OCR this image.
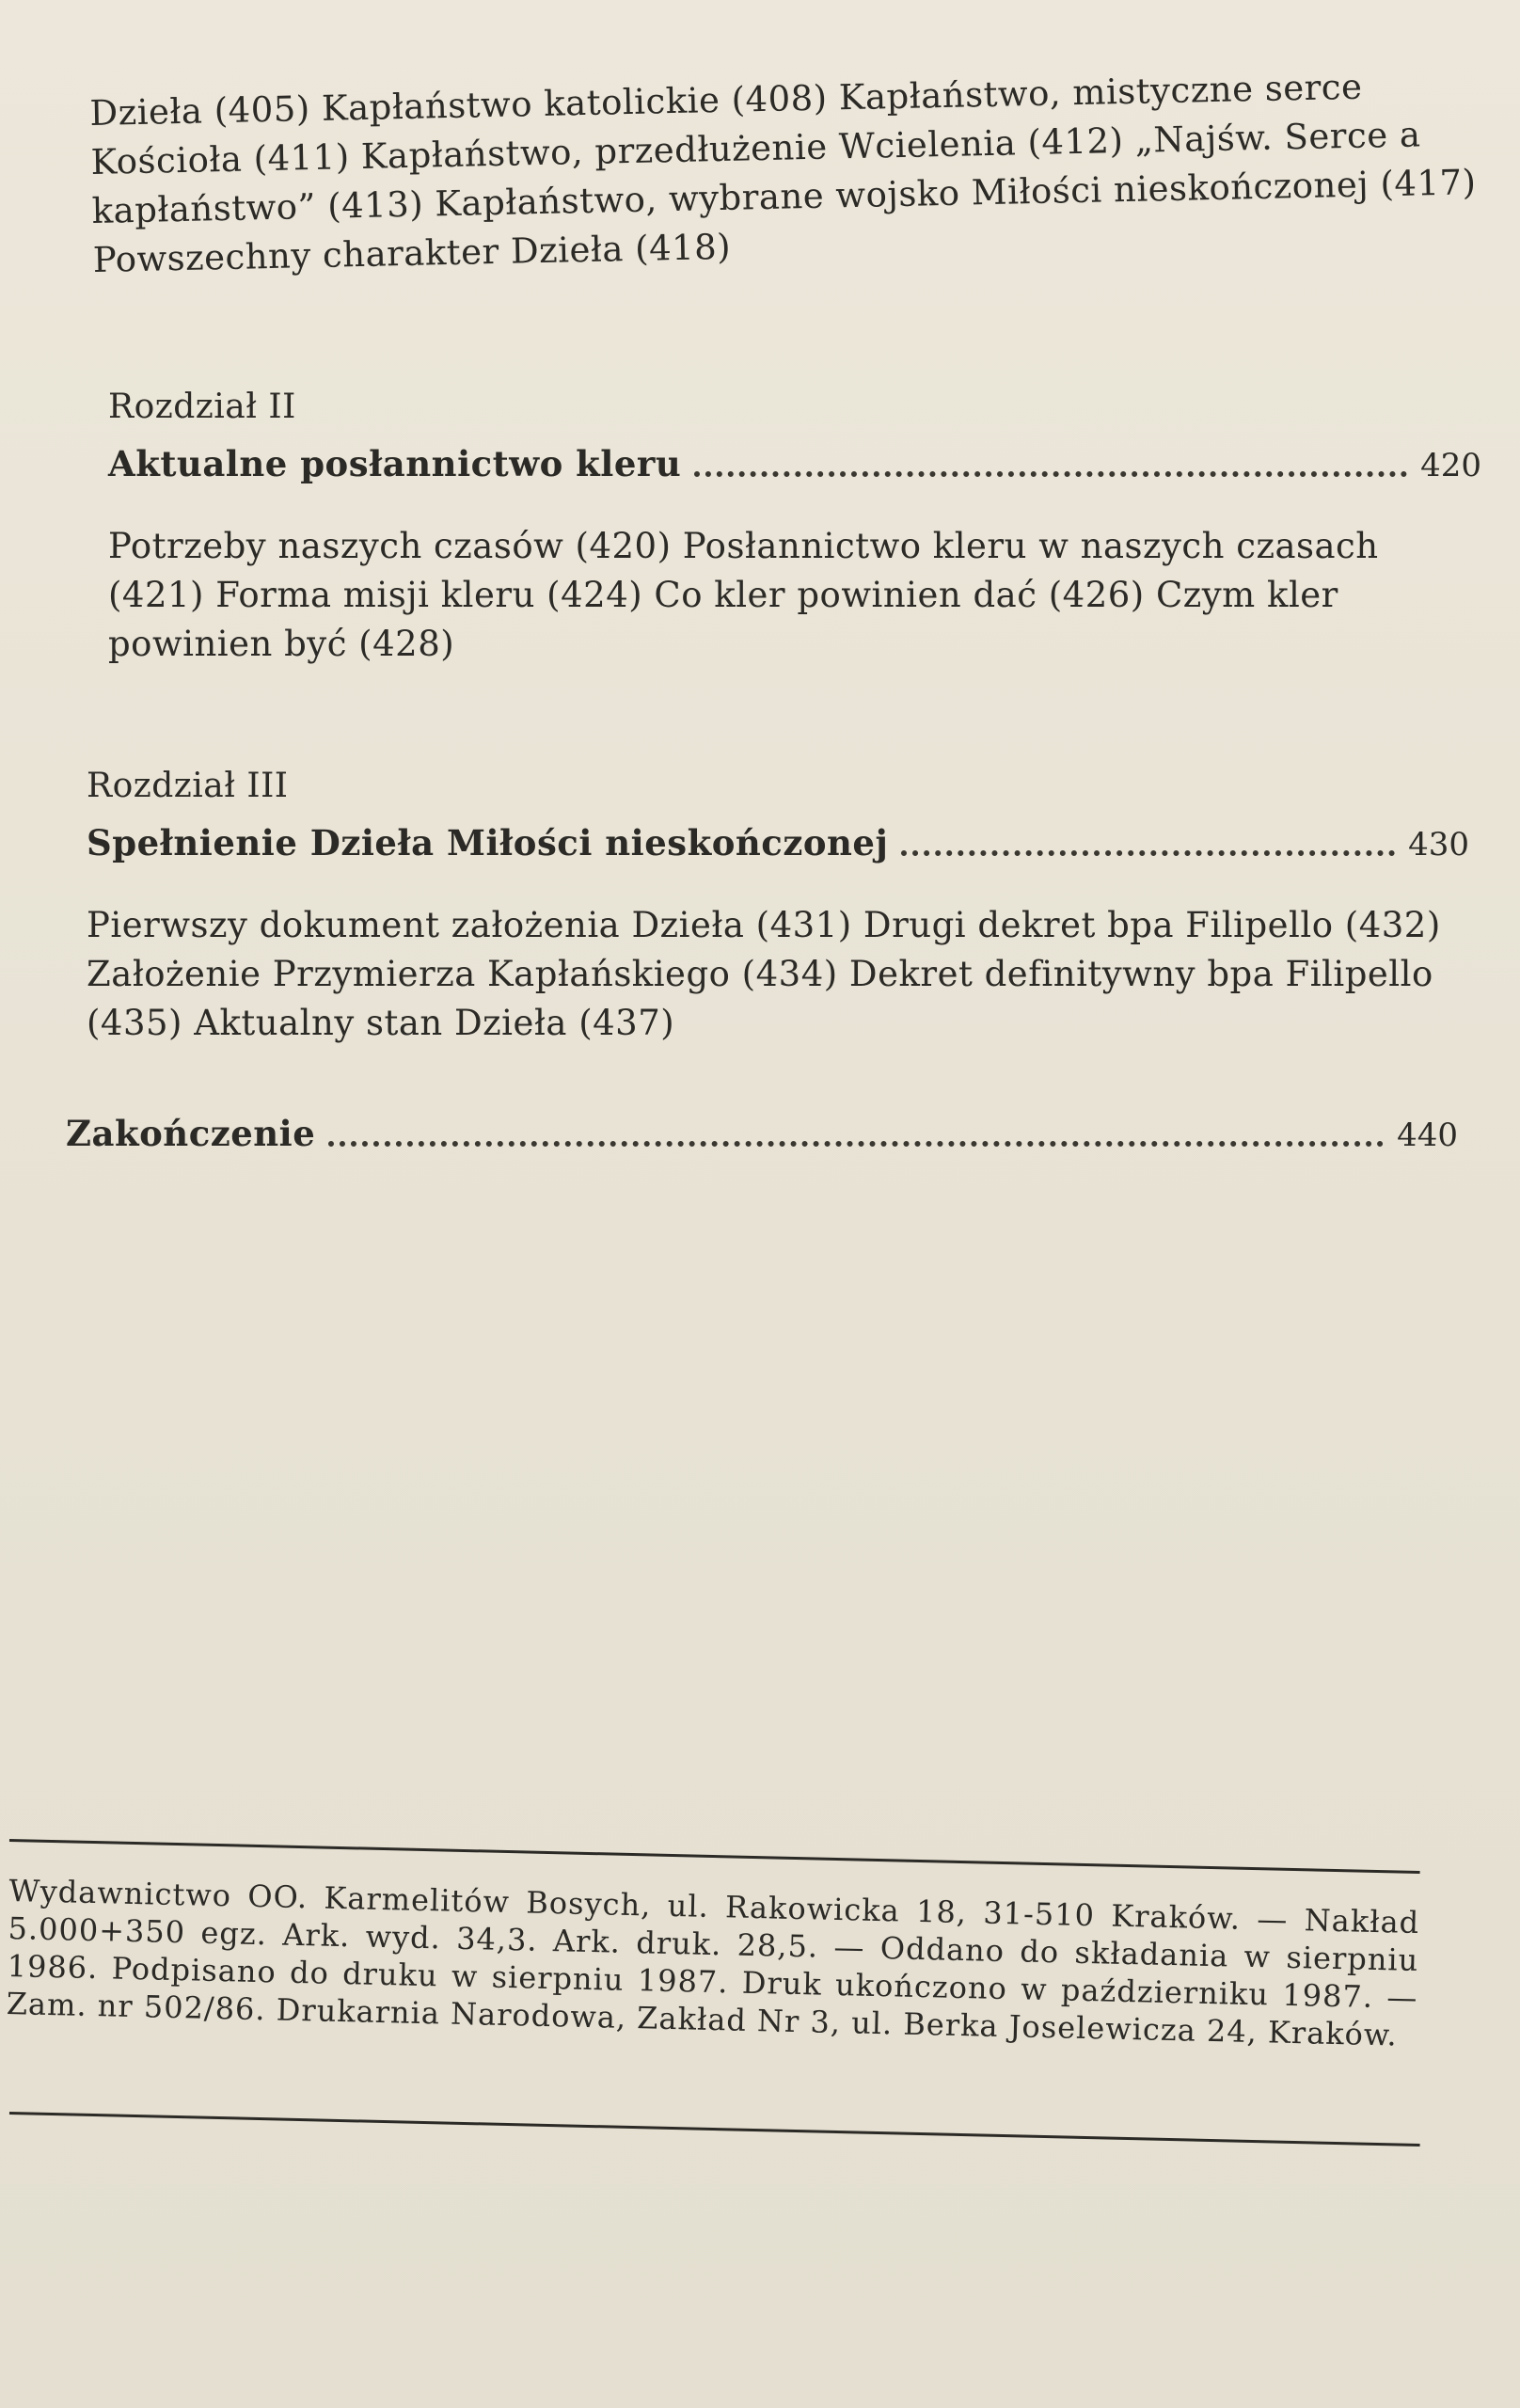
Dzieła (405) Kapłaństwo katolickie (408) Kapłaństwo, mistyczne serce Kościoła (411) Kapłaństwo, przedłużenie Wcielenia (412) „Najśw. Serce a kapłaństwo” (413) Kapłaństwo, wybrane wojsko Miłości nieskończonej (417) Powszechny charakter Dzieła (418)

Rozdział II

Aktualne posłannictwo kleru	420

Potrzeby naszych czasów (420) Posłannictwo kleru w naszych czasach (421) Forma misji kleru (424) Co kler powinien dać (426) Czym kler powinien być (428)

Rozdział III

Spełnienie Dzieła Miłości nieskończonej	430

Pierwszy dokument założenia Dzieła (431) Drugi dekret bpa Filipello (432) Założenie Przymierza Kapłańskiego (434) Dekret definitywny bpa Filipello (435) Aktualny stan Dzieła (437)

Zakończenie	440

Wydawnictwo OO. Karmelitów Bosych, ul. Rakowicka 18, 31-510 Kraków. — Nakład 5.000+350 egz. Ark. wyd. 34,3. Ark. druk. 28,5. — Oddano do składania w sierpniu 1986. Podpisano do druku w sierpniu 1987. Druk ukończono w październiku 1987. — Zam. nr 502/86. Drukarnia Narodowa, Zakład Nr 3, ul. Berka Joselewicza 24, Kraków.
